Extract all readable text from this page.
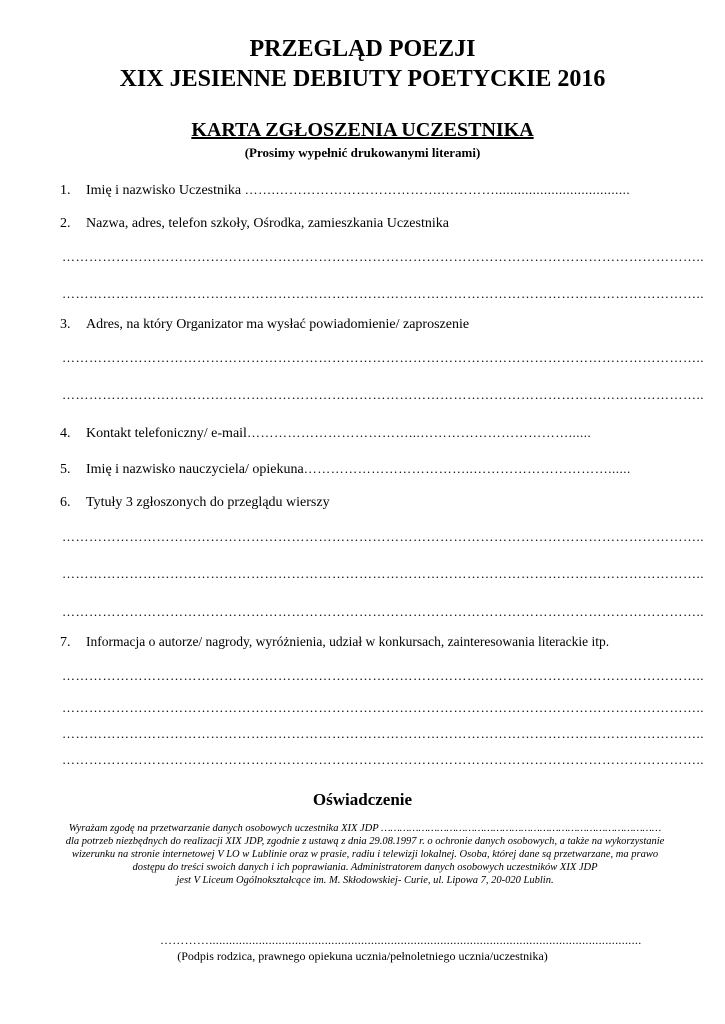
PRZEGLĄD POEZJI
XIX JESIENNE DEBIUTY POETYCKIE 2016
KARTA ZGŁOSZENIA UCZESTNIKA
(Prosimy wypełnić drukowanymi literami)
1. Imię i nazwisko Uczestnika …….……………………………….…………....................................
2. Nazwa, adres, telefon szkoły, Ośrodka, zamieszkania Uczestnika
……………………………………………………………………………………………………………………………..
……………………………………………………………………………………………………………………………..
3. Adres, na który Organizator ma wysłać powiadomienie/ zaproszenie
……………………………………………………………………………………………………………………………..
……………………………………………………………………………………………………………………………..
4. Kontakt telefoniczny/ e-mail………………………………...……………………………......
5. Imię i nazwisko nauczyciela/ opiekuna………………………………..…………………………......
6. Tytuły 3 zgłoszonych do przeglądu wierszy
……………………………………………………………………………………………………………………………..
……………………………………………………………………………………………………………………………..
……………………………………………………………………………………………………………………………..
7. Informacja o autorze/ nagrody, wyróżnienia, udział w konkursach, zainteresowania literackie itp.
……………………………………………………………………………………………………………………………..
……………………………………………………………………………………………………………………………..
……………………………………………………………………………………………………………………………..
……………………………………………………………………………………………………………………………..
Oświadczenie
Wyrażam zgodę na przetwarzanie danych osobowych uczestnika XIX JDP ………………………………………………………………………………
dla potrzeb niezbędnych do realizacji XIX JDP, zgodnie z ustawą z dnia 29.08.1997 r. o ochronie danych osobowych, a także na wykorzystanie
wizerunku na stronie internetowej V LO w Lublinie oraz w prasie, radiu i telewizji lokalnej. Osoba, której dane są przetwarzane, ma prawo
dostępu do treści swoich danych i ich poprawiania. Administratorem danych osobowych uczestników XIX JDP
jest V Liceum Ogólnokształcące im. M. Skłodowskiej- Curie, ul. Lipowa 7, 20-020 Lublin.
…………...................................................................................................................................
(Podpis rodzica, prawnego opiekuna ucznia/pełnoletniego ucznia/uczestnika)
